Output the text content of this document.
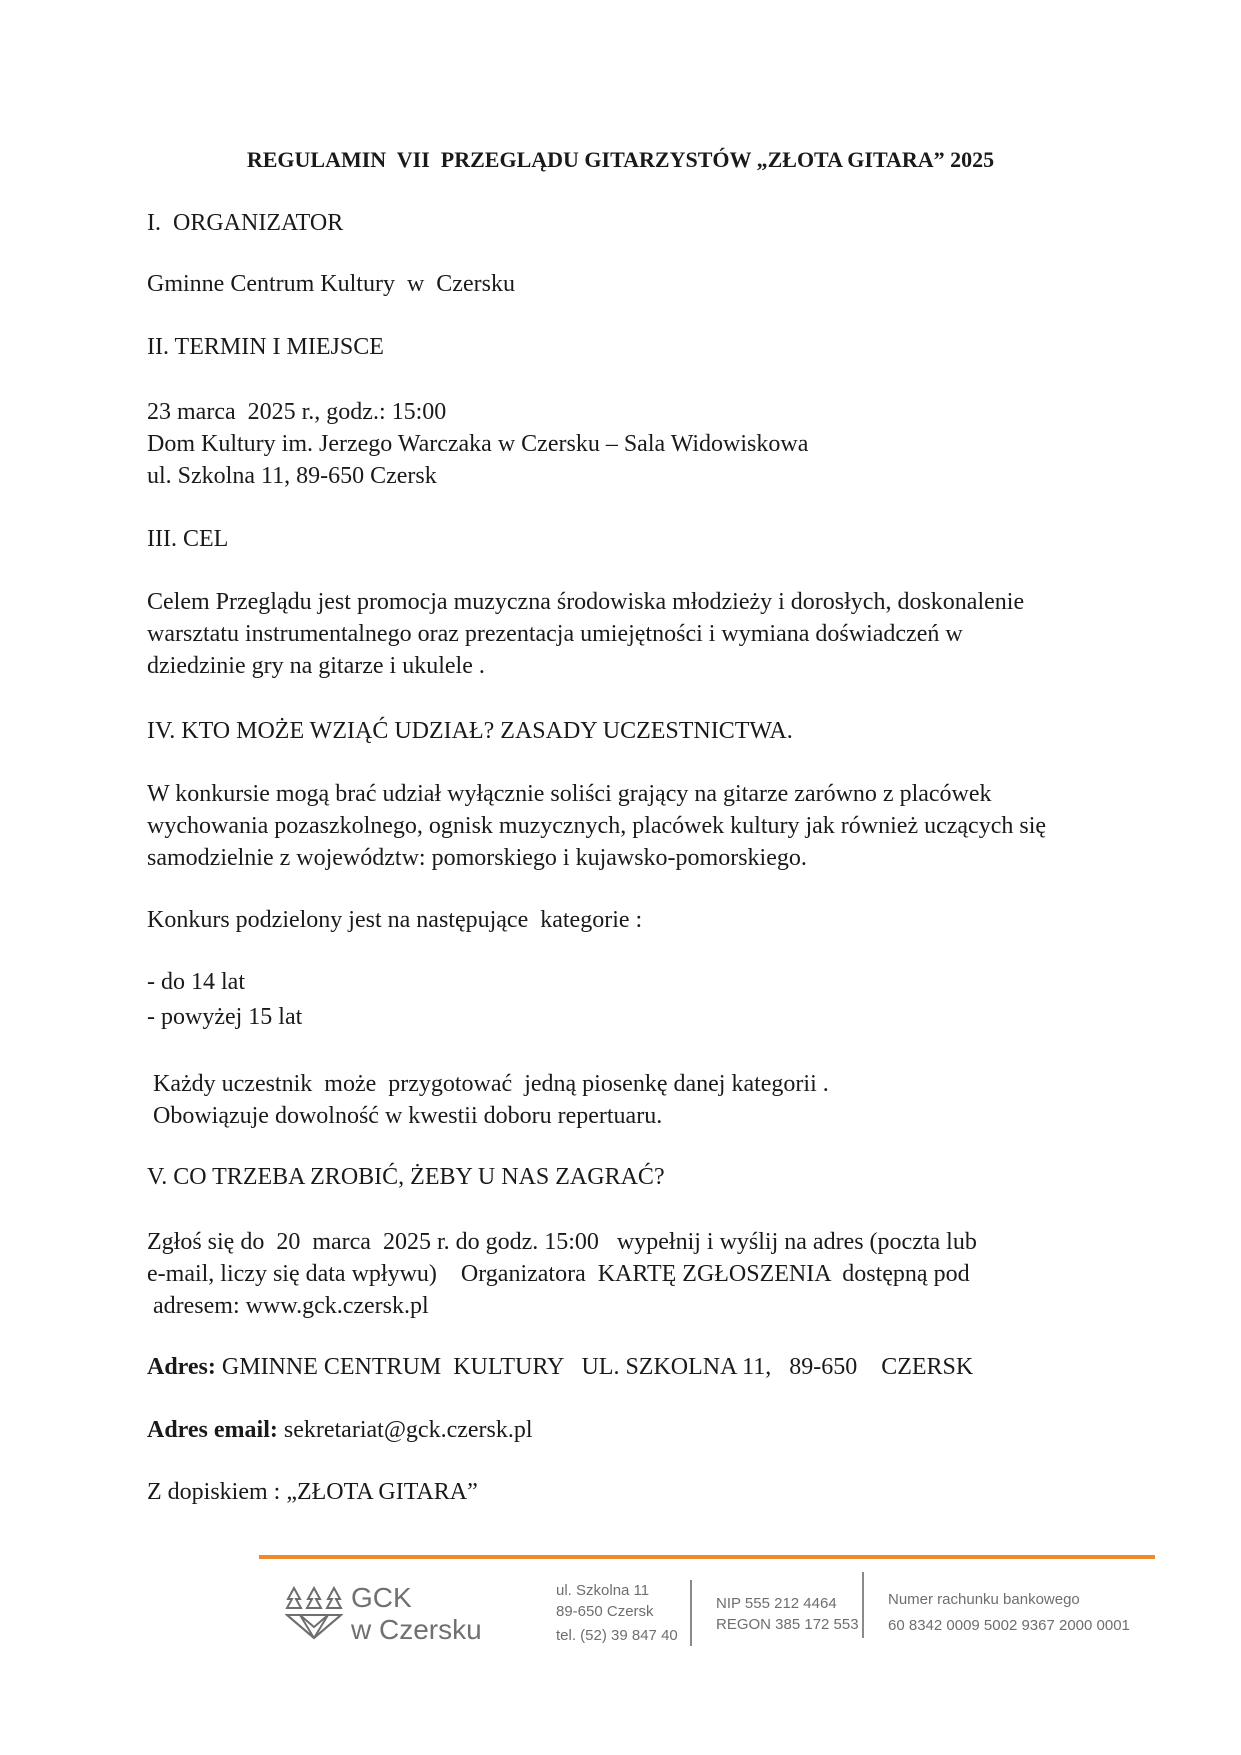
REGULAMIN  VII  PRZEGLĄDU GITARZYSTÓW „ZŁOTA GITARA” 2025
I.  ORGANIZATOR
Gminne Centrum Kultury  w  Czersku
II. TERMIN I MIEJSCE
23 marca  2025 r., godz.: 15:00
Dom Kultury im. Jerzego Warczaka w Czersku – Sala Widowiskowa
ul. Szkolna 11, 89-650 Czersk
III. CEL
Celem Przeglądu jest promocja muzyczna środowiska młodzieży i dorosłych, doskonalenie
warsztatu instrumentalnego oraz prezentacja umiejętności i wymiana doświadczeń w
dziedzinie gry na gitarze i ukulele .
IV. KTO MOŻE WZIĄĆ UDZIAŁ? ZASADY UCZESTNICTWA.
W konkursie mogą brać udział wyłącznie soliści grający na gitarze zarówno z placówek
wychowania pozaszkolnego, ognisk muzycznych, placówek kultury jak również uczących się
samodzielnie z województw: pomorskiego i kujawsko-pomorskiego.
Konkurs podzielony jest na następujące  kategorie :
- do 14 lat
- powyżej 15 lat
Każdy uczestnik  może  przygotować  jedną piosenkę danej kategorii .
Obowiązuje dowolność w kwestii doboru repertuaru.
V. CO TRZEBA ZROBIĆ, ŻEBY U NAS ZAGRAĆ?
Zgłoś się do  20  marca  2025 r. do godz. 15:00   wypełnij i wyślij na adres (poczta lub
e-mail, liczy się data wpływu)    Organizatora  KARTĘ ZGŁOSZENIA  dostępną pod
adresem: www.gck.czersk.pl
Adres: GMINNE CENTRUM  KULTURY   UL. SZKOLNA 11,   89-650    CZERSK
Adres email: sekretariat@gck.czersk.pl
Z dopiskiem : „ZŁOTA GITARA”
GCK
w Czersku
ul. Szkolna 11
89-650 Czersk
tel. (52) 39 847 40
NIP 555 212 4464
REGON 385 172 553
Numer rachunku bankowego
60 8342 0009 5002 9367 2000 0001
